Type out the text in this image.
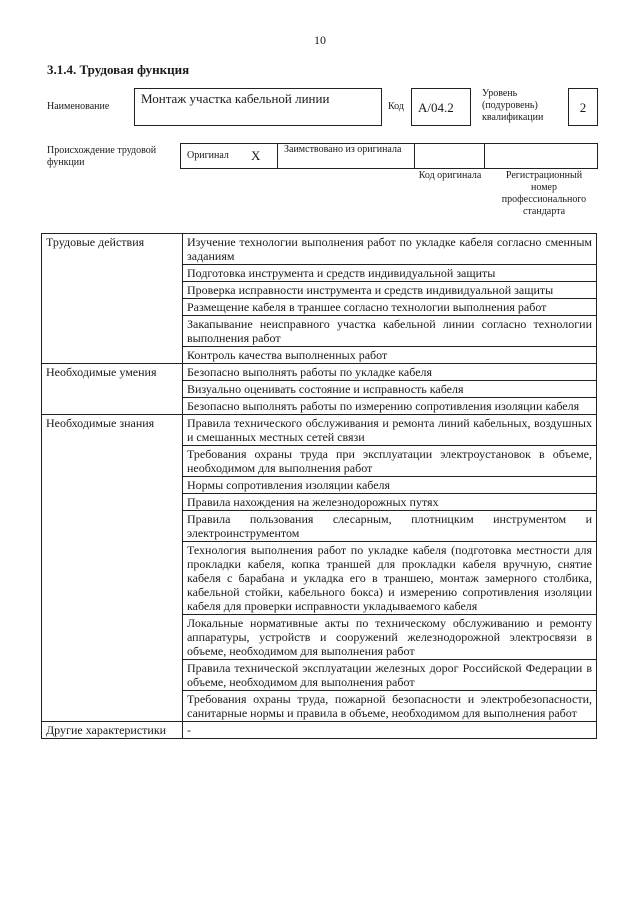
10
3.1.4. Трудовая функция
Наименование
Монтаж участка кабельной линии
Код	А/04.2
Уровень (подуровень) квалификации
2
Происхождение трудовой функции
Оригинал Х Заимствовано из оригинала
Код оригинала	Регистрационный номер профессионального стандарта
Трудовые действия	Изучение технологии выполнения работ по укладке кабеля согласно сменным заданиям
	Подготовка инструмента и средств индивидуальной защиты
	Проверка исправности инструмента и средств индивидуальной защиты
	Размещение кабеля в траншее согласно технологии выполнения работ
	Закапывание неисправного участка кабельной линии согласно технологии выполнения работ
	Контроль качества выполненных работ
Необходимые умения	Безопасно выполнять работы по укладке кабеля
	Визуально оценивать состояние и исправность кабеля
	Безопасно выполнять работы по измерению сопротивления изоляции кабеля
Необходимые знания	Правила технического обслуживания и ремонта линий кабельных, воздушных и смешанных местных сетей связи
	Требования охраны труда при эксплуатации электроустановок в объеме, необходимом для выполнения работ
	Нормы сопротивления изоляции кабеля
	Правила нахождения на железнодорожных путях
	Правила пользования слесарным, плотницким инструментом и электроинструментом
	Технология выполнения работ по укладке кабеля (подготовка местности для прокладки кабеля, копка траншей для прокладки кабеля вручную, снятие кабеля с барабана и укладка его в траншею, монтаж замерного столбика, кабельной стойки, кабельного бокса) и измерению сопротивления изоляции кабеля для проверки исправности укладываемого кабеля
	Локальные нормативные акты по техническому обслуживанию и ремонту аппаратуры, устройств и сооружений железнодорожной электросвязи в объеме, необходимом для выполнения работ
	Правила технической эксплуатации железных дорог Российской Федерации в объеме, необходимом для выполнения работ
	Требования охраны труда, пожарной безопасности и электробезопасности, санитарные нормы и правила в объеме, необходимом для выполнения работ
Другие характеристики	-
